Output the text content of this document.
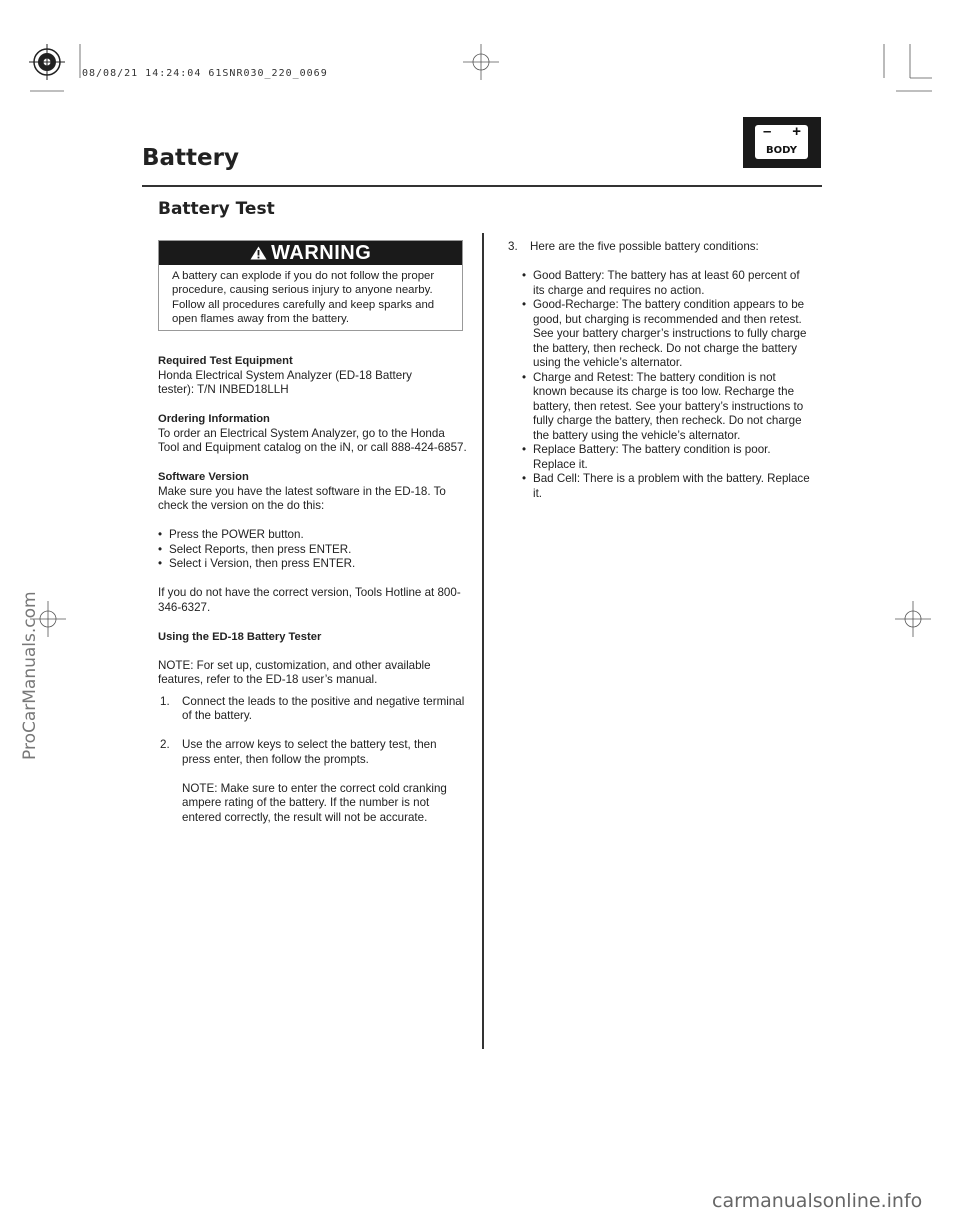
08/08/21 14:24:04 61SNR030_220_0069
Battery
– +
BODY
Battery Test
WARNING
A battery can explode if you do not follow the proper procedure, causing serious injury to anyone nearby. Follow all procedures carefully and keep sparks and open flames away from the battery.
Required Test Equipment
Honda Electrical System Analyzer (ED-18 Battery tester): T/N INBED18LLH
Ordering Information
To order an Electrical System Analyzer, go to the Honda Tool and Equipment catalog on the iN, or call 888-424-6857.
Software Version
Make sure you have the latest software in the ED-18. To check the version on the do this:
• Press the POWER button.
• Select Reports, then press ENTER.
• Select i Version, then press ENTER.
If you do not have the correct version, Tools Hotline at 800-346-6327.
Using the ED-18 Battery Tester
NOTE: For set up, customization, and other available features, refer to the ED-18 user’s manual.
1. Connect the leads to the positive and negative terminal of the battery.
2. Use the arrow keys to select the battery test, then press enter, then follow the prompts.
NOTE: Make sure to enter the correct cold cranking ampere rating of the battery. If the number is not entered correctly, the result will not be accurate.
3. Here are the five possible battery conditions:
• Good Battery: The battery has at least 60 percent of its charge and requires no action.
• Good-Recharge: The battery condition appears to be good, but charging is recommended and then retest. See your battery charger’s instructions to fully charge the battery, then recheck. Do not charge the battery using the vehicle’s alternator.
• Charge and Retest: The battery condition is not known because its charge is too low. Recharge the battery, then retest. See your battery’s instructions to fully charge the battery, then recheck. Do not charge the battery using the vehicle’s alternator.
• Replace Battery: The battery condition is poor. Replace it.
• Bad Cell: There is a problem with the battery. Replace it.
ProCarManuals.com
carmanualsonline.info
